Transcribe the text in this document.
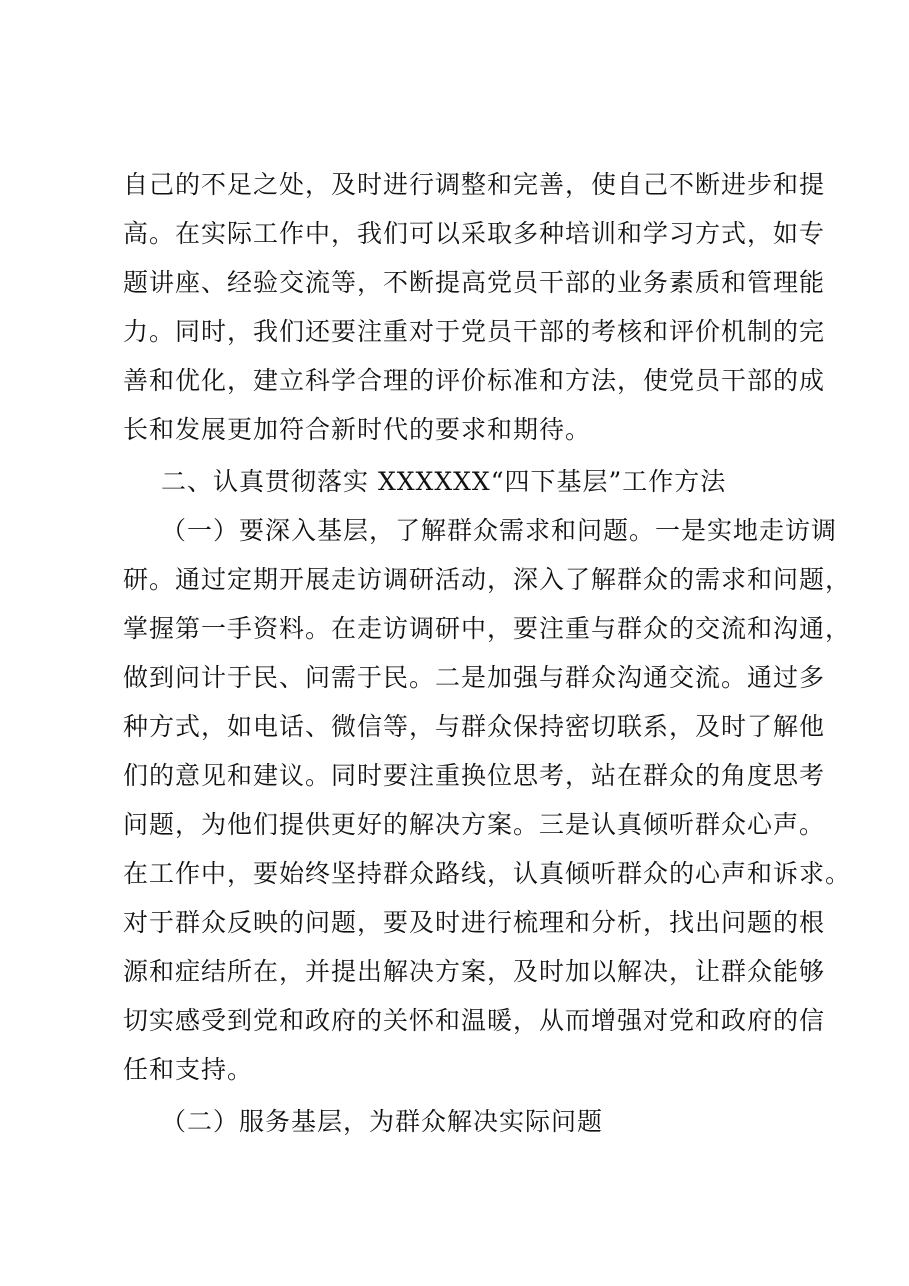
自己的不足之处，及时进行调整和完善，使自己不断进步和提
高。在实际工作中，我们可以采取多种培训和学习方式，如专
题讲座、经验交流等，不断提高党员干部的业务素质和管理能
力。同时，我们还要注重对于党员干部的考核和评价机制的完
善和优化，建立科学合理的评价标准和方法，使党员干部的成
长和发展更加符合新时代的要求和期待。
二、认真贯彻落实 XXXXXX“四下基层”工作方法
（一）要深入基层，了解群众需求和问题。一是实地走访调
研。通过定期开展走访调研活动，深入了解群众的需求和问题，
掌握第一手资料。在走访调研中，要注重与群众的交流和沟通，
做到问计于民、问需于民。二是加强与群众沟通交流。通过多
种方式，如电话、微信等，与群众保持密切联系，及时了解他
们的意见和建议。同时要注重换位思考，站在群众的角度思考
问题，为他们提供更好的解决方案。三是认真倾听群众心声。
在工作中，要始终坚持群众路线，认真倾听群众的心声和诉求。
对于群众反映的问题，要及时进行梳理和分析，找出问题的根
源和症结所在，并提出解决方案，及时加以解决，让群众能够
切实感受到党和政府的关怀和温暖，从而增强对党和政府的信
任和支持。
（二）服务基层，为群众解决实际问题
